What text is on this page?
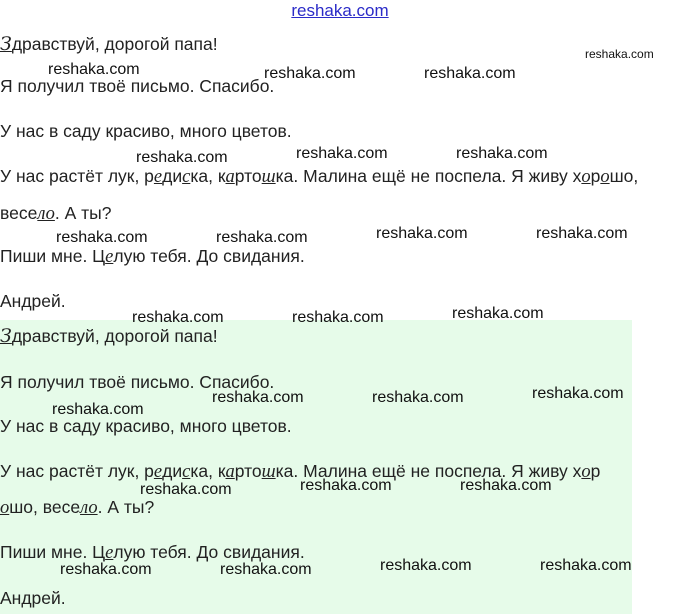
reshaka.com

Здравствуй, дорогой папа!

Я получил твоё письмо. Спасибо.

У нас в саду красиво, много цветов.

У нас растёт лук, редиска, картошка. Малина ещё не поспела. Я живу хорошо,

весело. А ты?

Пиши мне. Целую тебя. До свидания.

Андрей.

Здравствуй, дорогой папа!

Я получил твоё письмо. Спасибо.

У нас в саду красиво, много цветов.

У нас растёт лук, редиска, картошка. Малина ещё не поспела. Я живу хор

ошо, весело. А ты?

Пиши мне. Целую тебя. До свидания.

Андрей.

reshaka.com
reshaka.com	reshaka.com	reshaka.com
reshaka.com	reshaka.com	reshaka.com
reshaka.com	reshaka.com	reshaka.com	reshaka.com
reshaka.com	reshaka.com	reshaka.com
reshaka.com
reshaka.com	reshaka.com	reshaka.com
reshaka.com	reshaka.com	reshaka.com
reshaka.com	reshaka.com	reshaka.com	reshaka.com
